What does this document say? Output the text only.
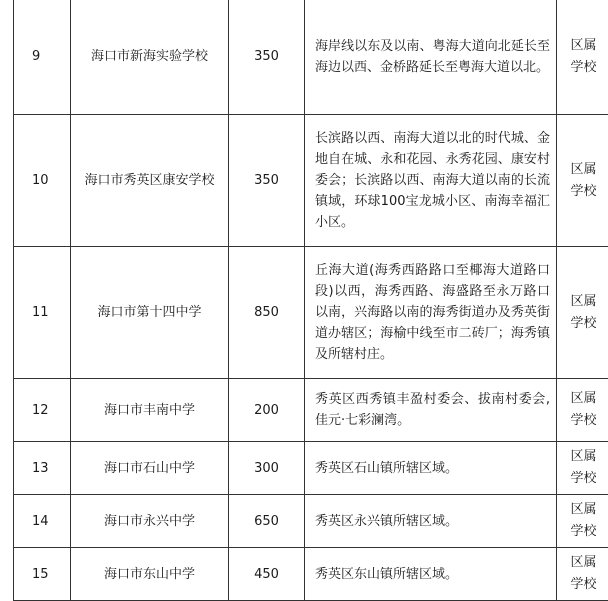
9	海口市新海实验学校	350	海岸线以东及以南、粤海大道向北延长至海边以西、金桥路延长至粤海大道以北。	区属学校	
10	海口市秀英区康安学校	350	长滨路以西、南海大道以北的时代城、金地自在城、永和花园、永秀花园、康安村委会；长滨路以西、南海大道以南的长流镇域，环球100宝龙城小区、南海幸福汇小区。	区属学校	
11	海口市第十四中学	850	丘海大道(海秀西路路口至椰海大道路口段)以西，海秀西路、海盛路至永万路口以南，兴海路以南的海秀街道办及秀英街道办辖区；海榆中线至市二砖厂；海秀镇及所辖村庄。	区属学校	
12	海口市丰南中学	200	秀英区西秀镇丰盈村委会、拔南村委会,佳元·七彩澜湾。	区属学校	
13	海口市石山中学	300	秀英区石山镇所辖区域。	区属学校	
14	海口市永兴中学	650	秀英区永兴镇所辖区域。	区属学校	
15	海口市东山中学	450	秀英区东山镇所辖区域。	区属学校	
